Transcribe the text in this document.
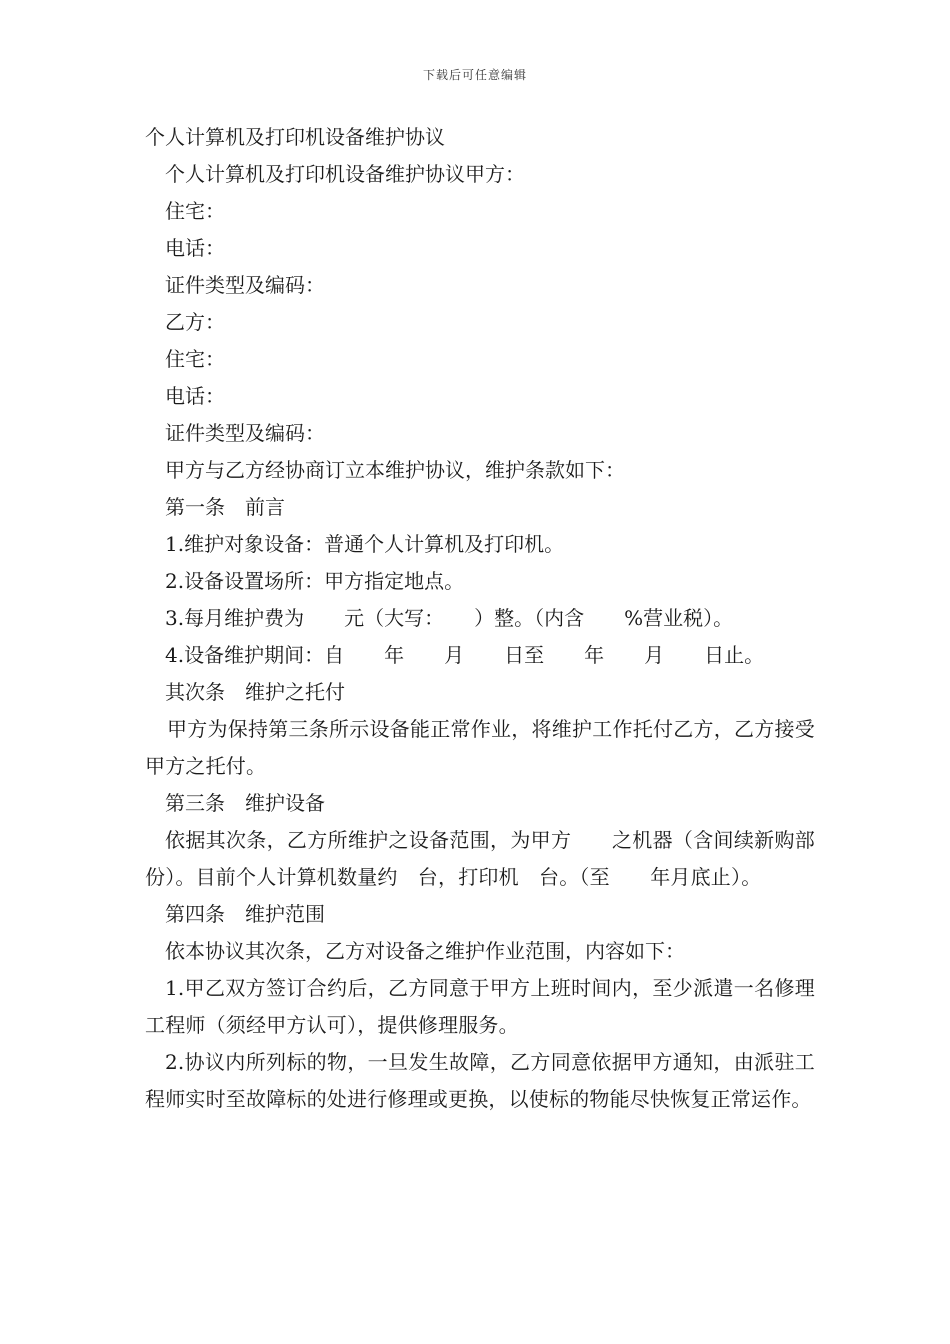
下载后可任意编辑

个人计算机及打印机设备维护协议

个人计算机及打印机设备维护协议甲方：

住宅：

电话：

证件类型及编码：

乙方：

住宅：

电话：

证件类型及编码：

甲方与乙方经协商订立本维护协议，维护条款如下：

第一条　前言

1.维护对象设备：普通个人计算机及打印机。

2.设备设置场所：甲方指定地点。

3.每月维护费为　　元（大写：　　）整。（内含　　%营业税）。

4.设备维护期间：自　　年　　月　　日至　　年　　月　　日止。

其次条　维护之托付

甲方为保持第三条所示设备能正常作业，将维护工作托付乙方，乙方接受甲方之托付。

第三条　维护设备

依据其次条，乙方所维护之设备范围，为甲方　　之机器（含间续新购部份）。目前个人计算机数量约　台，打印机　台。（至　　年月底止）。

第四条　维护范围

依本协议其次条，乙方对设备之维护作业范围，内容如下：

1.甲乙双方签订合约后，乙方同意于甲方上班时间内，至少派遣一名修理工程师（须经甲方认可），提供修理服务。

2.协议内所列标的物，一旦发生故障，乙方同意依据甲方通知，由派驻工程师实时至故障标的处进行修理或更换，以使标的物能尽快恢复正常运作。
